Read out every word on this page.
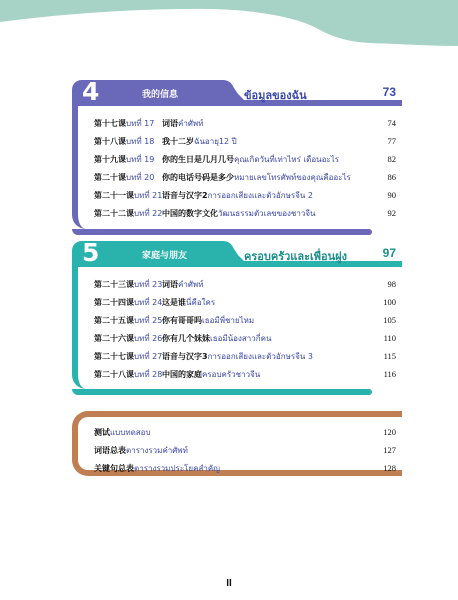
4	我的信息	ข้อมูลของฉัน	73
第十七课บทที่ 17 词语คำศัพท์	74
第十八课บทที่ 18 我十二岁ฉันอายุ12 ปี	77
第十九课บทที่ 19 你的生日是几月几号คุณเกิดวันที่เท่าไหร่ เดือนอะไร	82
第二十课บทที่ 20 你的电话号码是多少หมายเลขโทรศัพท์ของคุณคืออะไร	86
第二十一课บทที่ 21 语音与汉字2การออกเสียงและตัวอักษรจีน 2	90
第二十二课บทที่ 22 中国的数字文化วัฒนธรรมตัวเลขของชาวจีน	92
5	家庭与朋友	ครอบครัวและเพื่อนฝูง	97
第二十三课บทที่ 23 词语คำศัพท์	98
第二十四课บทที่ 24 这是谁นี่คือใคร	100
第二十五课บทที่ 25 你有哥哥吗เธอมีพี่ชายไหม	105
第二十六课บทที่ 26 你有几个妹妹เธอมีน้องสาวกี่คน	110
第二十七课บทที่ 27 语音与汉字3การออกเสียงและตัวอักษรจีน 3	115
第二十八课บทที่ 28 中国的家庭ครอบครัวชาวจีน	116
测试แบบทดสอบ	120
词语总表ตารางรวมคำศัพท์	127
关键句总表ตารางรวมประโยคสำคัญ	128
II
